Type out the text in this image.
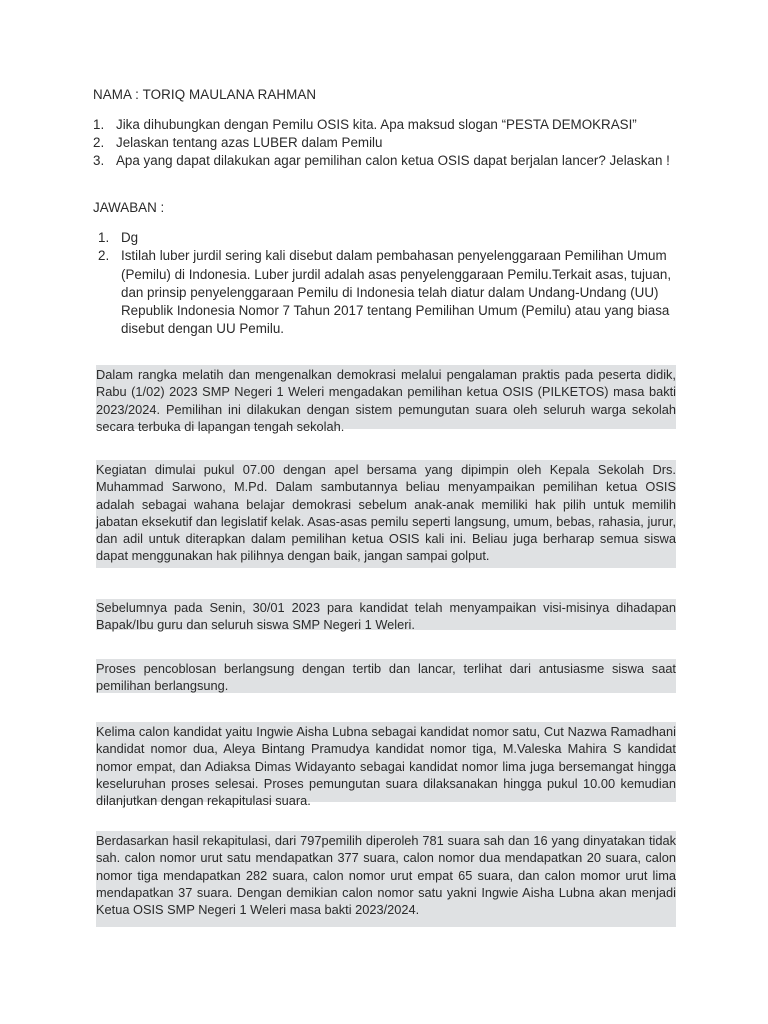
NAMA : TORIQ MAULANA RAHMAN
1. Jika dihubungkan dengan Pemilu OSIS kita. Apa maksud slogan “PESTA DEMOKRASI”
2. Jelaskan tentang azas LUBER dalam Pemilu
3. Apa yang dapat dilakukan agar pemilihan calon ketua OSIS dapat berjalan lancer? Jelaskan !
JAWABAN :
1. Dg
2. Istilah luber jurdil sering kali disebut dalam pembahasan penyelenggaraan Pemilihan Umum (Pemilu) di Indonesia. Luber jurdil adalah asas penyelenggaraan Pemilu.Terkait asas, tujuan, dan prinsip penyelenggaraan Pemilu di Indonesia telah diatur dalam Undang-Undang (UU) Republik Indonesia Nomor 7 Tahun 2017 tentang Pemilihan Umum (Pemilu) atau yang biasa disebut dengan UU Pemilu.
Dalam rangka melatih dan mengenalkan demokrasi melalui pengalaman praktis pada peserta didik, Rabu (1/02) 2023 SMP Negeri 1 Weleri mengadakan pemilihan ketua OSIS (PILKETOS) masa bakti 2023/2024. Pemilihan ini dilakukan dengan sistem pemungutan suara oleh seluruh warga sekolah secara terbuka di lapangan tengah sekolah.
Kegiatan dimulai pukul 07.00 dengan apel bersama yang dipimpin oleh Kepala Sekolah Drs. Muhammad Sarwono, M.Pd. Dalam sambutannya beliau menyampaikan pemilihan ketua OSIS adalah sebagai wahana belajar demokrasi sebelum anak-anak memiliki hak pilih untuk memilih jabatan eksekutif dan legislatif kelak. Asas-asas pemilu seperti langsung, umum, bebas, rahasia, jurur, dan adil untuk diterapkan dalam pemilihan ketua OSIS kali ini. Beliau juga berharap semua siswa dapat menggunakan hak pilihnya dengan baik, jangan sampai golput.
Sebelumnya pada Senin, 30/01 2023 para kandidat telah menyampaikan visi-misinya dihadapan Bapak/Ibu guru dan seluruh siswa SMP Negeri 1 Weleri.
Proses pencoblosan berlangsung dengan tertib dan lancar, terlihat dari antusiasme siswa saat pemilihan berlangsung.
Kelima calon kandidat yaitu Ingwie Aisha Lubna sebagai kandidat nomor satu, Cut Nazwa Ramadhani kandidat nomor dua, Aleya Bintang Pramudya kandidat nomor tiga, M.Valeska Mahira S kandidat nomor empat, dan Adiaksa Dimas Widayanto sebagai kandidat nomor lima juga bersemangat hingga keseluruhan proses selesai. Proses pemungutan suara dilaksanakan hingga pukul 10.00 kemudian dilanjutkan dengan rekapitulasi suara.
Berdasarkan hasil rekapitulasi, dari 797pemilih diperoleh 781 suara sah dan 16 yang dinyatakan tidak sah. calon nomor urut satu mendapatkan 377 suara, calon nomor dua mendapatkan 20 suara, calon nomor tiga mendapatkan 282 suara, calon nomor urut empat 65 suara, dan calon momor urut lima mendapatkan 37 suara. Dengan demikian calon nomor satu yakni Ingwie Aisha Lubna akan menjadi Ketua OSIS SMP Negeri 1 Weleri masa bakti 2023/2024.
